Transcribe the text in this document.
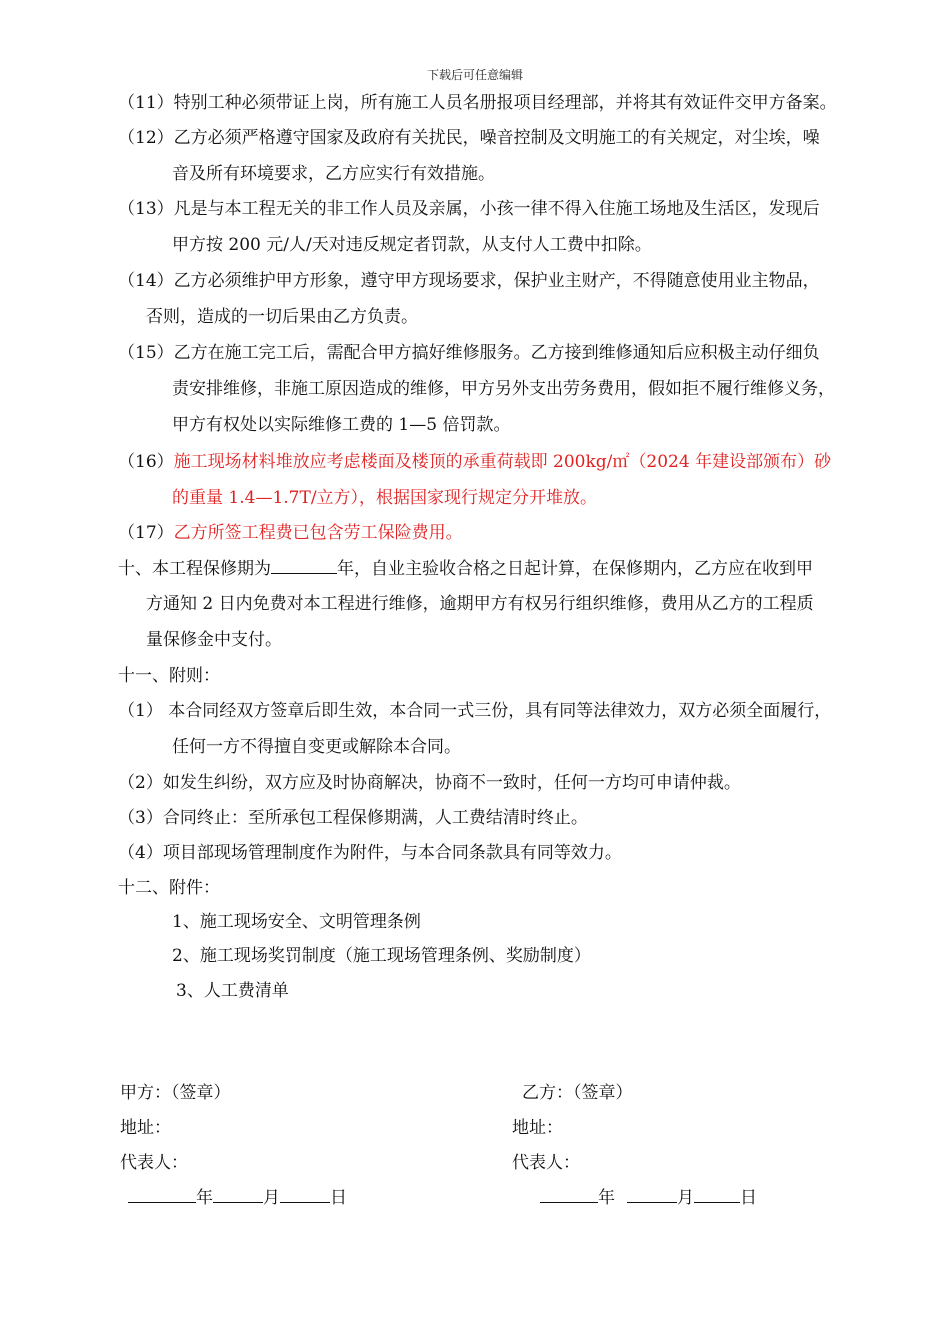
下载后可任意编辑
（11）特别工种必须带证上岗，所有施工人员名册报项目经理部，并将其有效证件交甲方备案。
（12）乙方必须严格遵守国家及政府有关扰民，噪音控制及文明施工的有关规定，对尘埃，噪
音及所有环境要求，乙方应实行有效措施。
（13）凡是与本工程无关的非工作人员及亲属，小孩一律不得入住施工场地及生活区，发现后
甲方按 200 元/人/天对违反规定者罚款，从支付人工费中扣除。
（14）乙方必须维护甲方形象，遵守甲方现场要求，保护业主财产，不得随意使用业主物品，
否则，造成的一切后果由乙方负责。
（15）乙方在施工完工后，需配合甲方搞好维修服务。乙方接到维修通知后应积极主动仔细负
责安排维修，非施工原因造成的维修，甲方另外支出劳务费用，假如拒不履行维修义务，
甲方有权处以实际维修工费的 1—5 倍罚款。
（16）施工现场材料堆放应考虑楼面及楼顶的承重荷载即 200kg/㎡（2024 年建设部颁布）砂
的重量 1.4—1.7T/立方），根据国家现行规定分开堆放。
（17）乙方所签工程费已包含劳工保险费用。
十、本工程保修期为	年，自业主验收合格之日起计算，在保修期内，乙方应在收到甲
方通知 2 日内免费对本工程进行维修，逾期甲方有权另行组织维修，费用从乙方的工程质
量保修金中支付。
十一、附则：
（1） 本合同经双方签章后即生效，本合同一式三份，具有同等法律效力，双方必须全面履行，
任何一方不得擅自变更或解除本合同。
（2）如发生纠纷，双方应及时协商解决，协商不一致时，任何一方均可申请仲裁。
（3）合同终止：至所承包工程保修期满，人工费结清时终止。
（4）项目部现场管理制度作为附件，与本合同条款具有同等效力。
十二、附件：
1、施工现场安全、文明管理条例
2、施工现场奖罚制度（施工现场管理条例、奖励制度）
3、人工费清单
甲方：（签章）	乙方：（签章）
地址：	地址：
代表人：	代表人：
年	月	日	年	月	日
